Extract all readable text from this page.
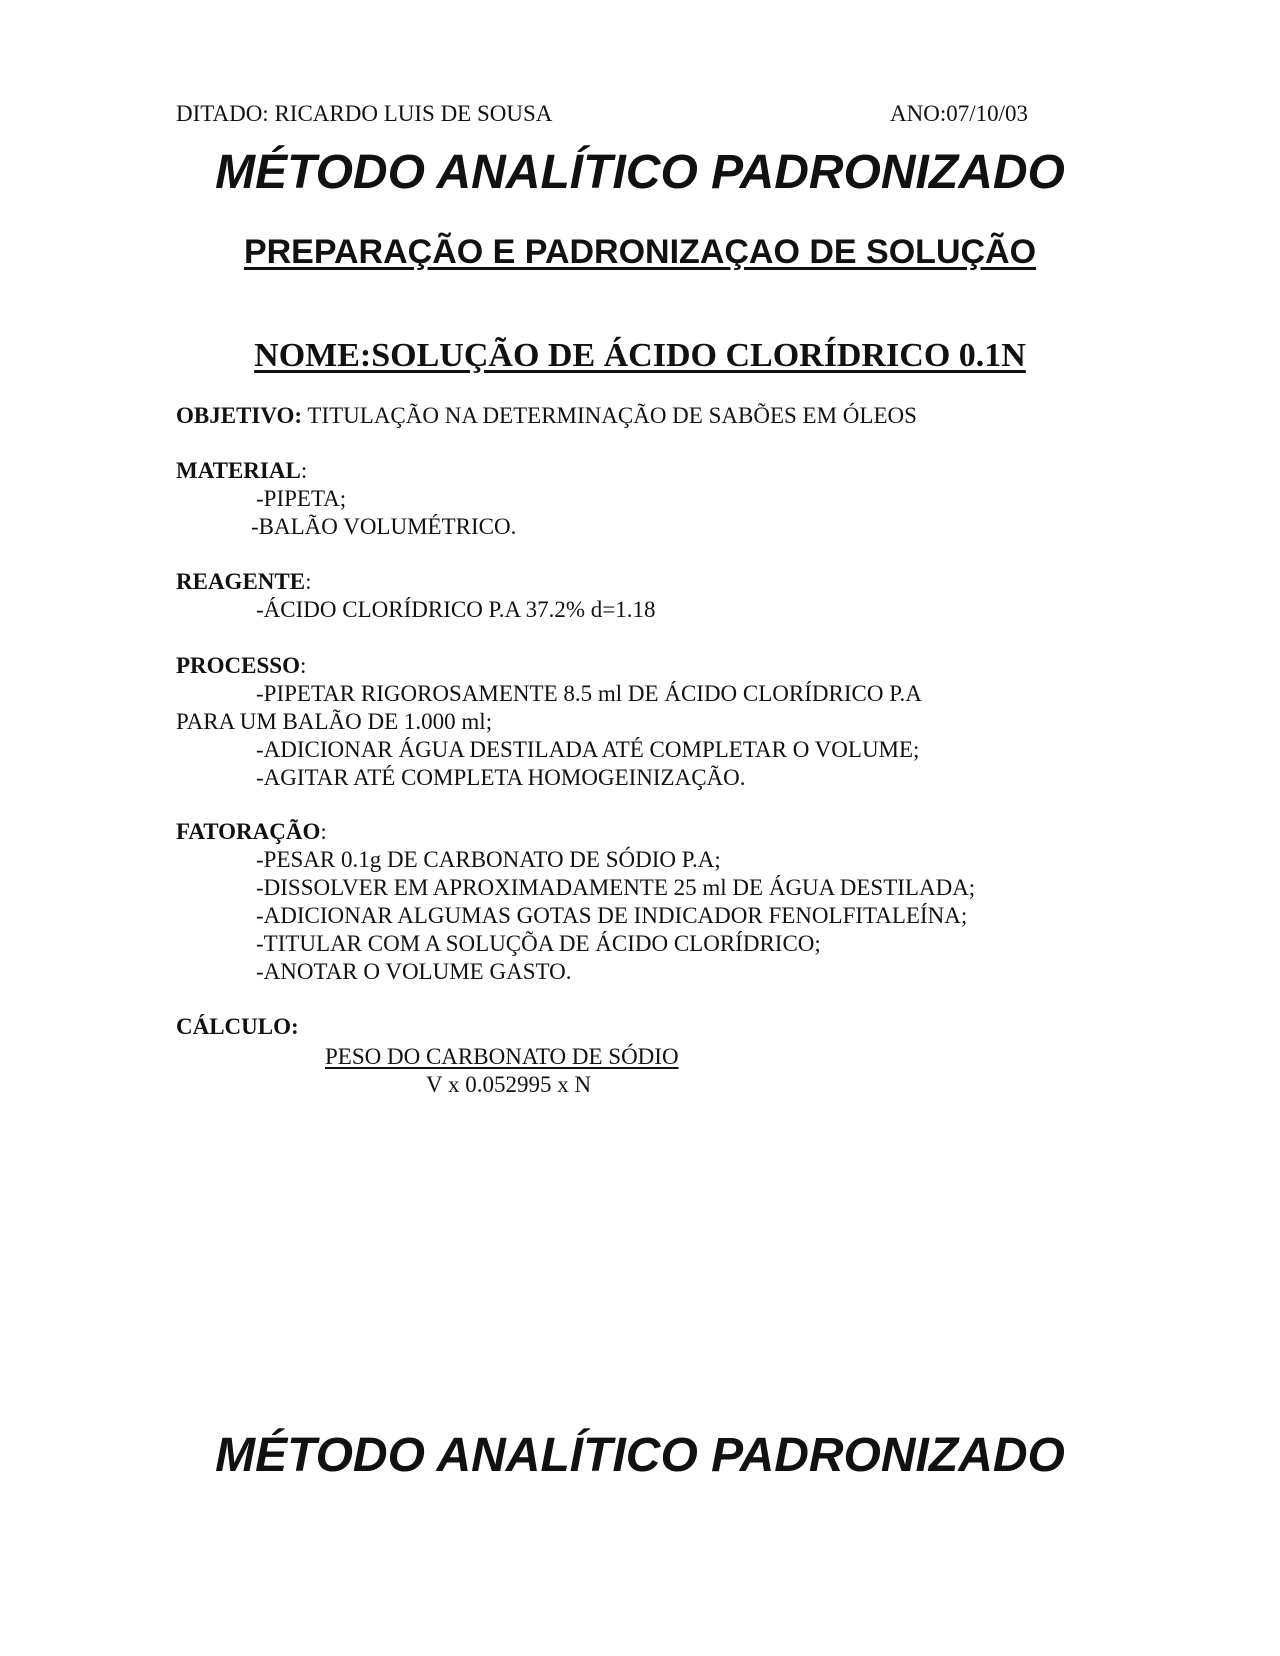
DITADO: RICARDO LUIS DE SOUSA	ANO:07/10/03
MÉTODO ANALÍTICO PADRONIZADO
PREPARAÇÃO E PADRONIZAÇAO DE SOLUÇÃO
NOME:SOLUÇÃO DE ÁCIDO CLORÍDRICO 0.1N
OBJETIVO: TITULAÇÃO NA DETERMINAÇÃO DE SABÕES EM ÓLEOS
MATERIAL:
-PIPETA;
-BALÃO VOLUMÉTRICO.
REAGENTE:
-ÁCIDO CLORÍDRICO P.A 37.2% d=1.18
PROCESSO:
-PIPETAR RIGOROSAMENTE 8.5 ml DE ÁCIDO CLORÍDRICO P.A
PARA UM BALÃO DE 1.000 ml;
-ADICIONAR ÁGUA DESTILADA ATÉ COMPLETAR O VOLUME;
-AGITAR ATÉ COMPLETA HOMOGEINIZAÇÃO.
FATORAÇÃO:
-PESAR 0.1g DE CARBONATO DE SÓDIO P.A;
-DISSOLVER EM APROXIMADAMENTE 25 ml DE ÁGUA DESTILADA;
-ADICIONAR ALGUMAS GOTAS DE INDICADOR FENOLFITALEÍNA;
-TITULAR COM A SOLUÇÕA DE ÁCIDO CLORÍDRICO;
-ANOTAR O VOLUME GASTO.
CÁLCULO:
PESO DO CARBONATO DE SÓDIO
V x 0.052995 x N
MÉTODO ANALÍTICO PADRONIZADO
